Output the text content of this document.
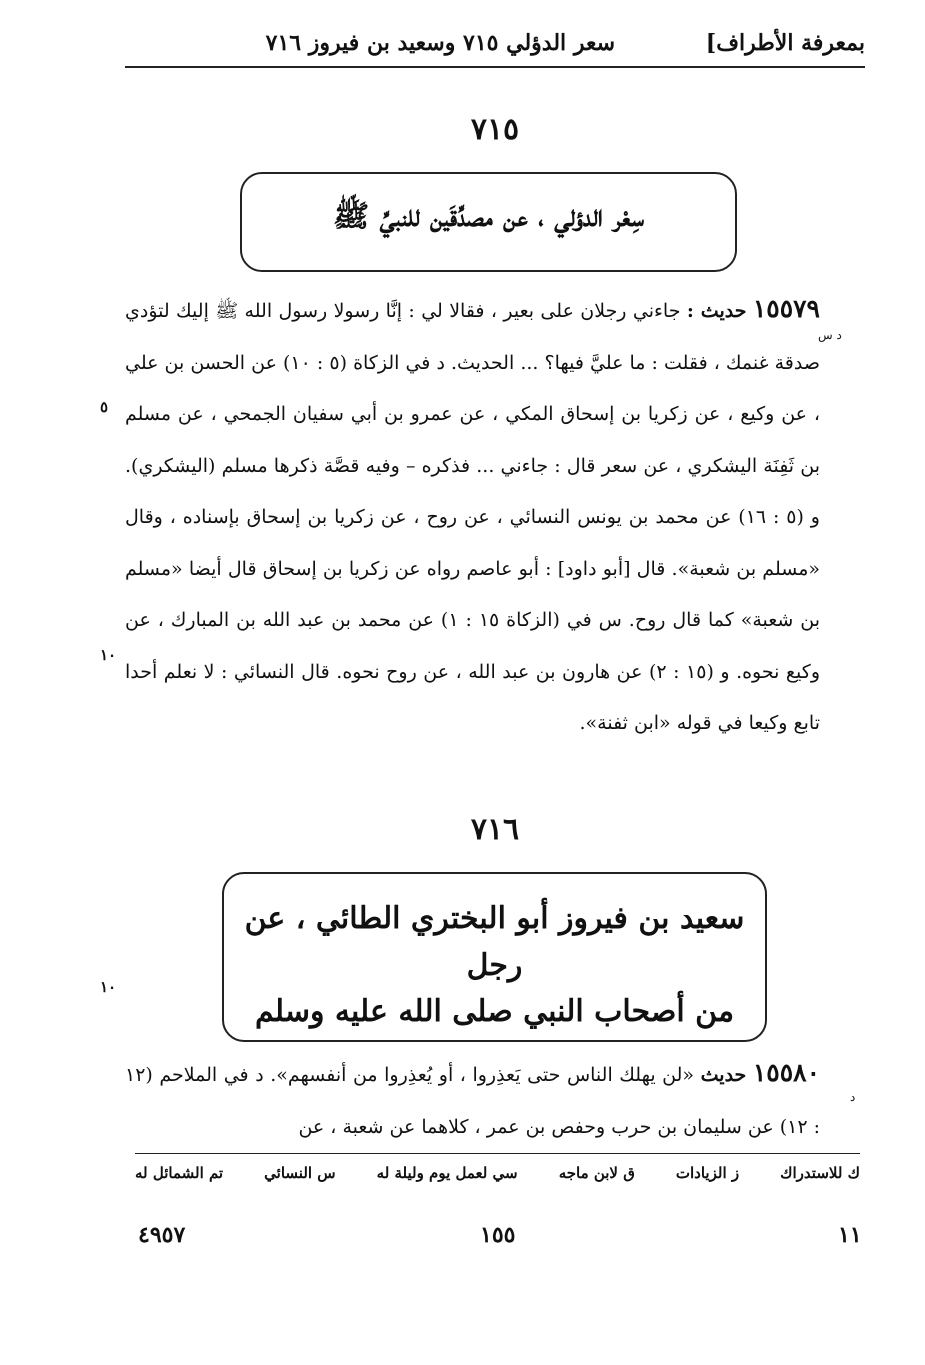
بمعرفة الأطراف]
سعر الدؤلي ٧١٥ وسعيد بن فيروز ٧١٦
٧١٥
سِعْر الدؤلي ، عن مصدِّقَين للنبيِّ ﷺ
١٥٥٧٩ حديث : جاءني رجلان على بعير ، فقالا لي : إنَّا رسولا رسول الله ﷺ إليك لتؤدي صدقة غنمك ، فقلت : ما عليَّ فيها؟ ... الحديث. د في الزكاة (٥ : ١٠) عن الحسن بن علي ، عن وكيع ، عن زكريا بن إسحاق المكي ، عن عمرو بن أبي سفيان الجمحي ، عن مسلم بن ثَفِنَة اليشكري ، عن سعر قال : جاءني ... فذكره – وفيه قصَّة ذكرها مسلم (اليشكري). و (٥ : ١٦) عن محمد بن يونس النسائي ، عن روح ، عن زكريا بن إسحاق بإسناده ، وقال «مسلم بن شعبة». قال [أبو داود] : أبو عاصم رواه عن زكريا بن إسحاق قال أيضا «مسلم بن شعبة» كما قال روح. س في (الزكاة ١٥ : ١) عن محمد بن عبد الله بن المبارك ، عن وكيع نحوه. و (١٥ : ٢) عن هارون بن عبد الله ، عن روح نحوه. قال النسائي : لا نعلم أحدا تابع وكيعا في قوله «ابن ثفنة».
د س
٥
١٠
٧١٦
سعيد بن فيروز أبو البختري الطائي ، عن رجل
من أصحاب النبي صلى الله عليه وسلم
١٠
١٥٥٨٠ حديث «لن يهلك الناس حتى يَعذِروا ، أو يُعذِروا من أنفسهم». د في الملاحم (١٢ : ١٢) عن سليمان بن حرب وحفص بن عمر ، كلاهما عن شعبة ، عن
د
تم الشمائل له	س النسائي	سي لعمل يوم وليلة له	ق لابن ماجه	ز الزيادات	ك للاستدراك
٤٩٥٧	١٥٥	١١
